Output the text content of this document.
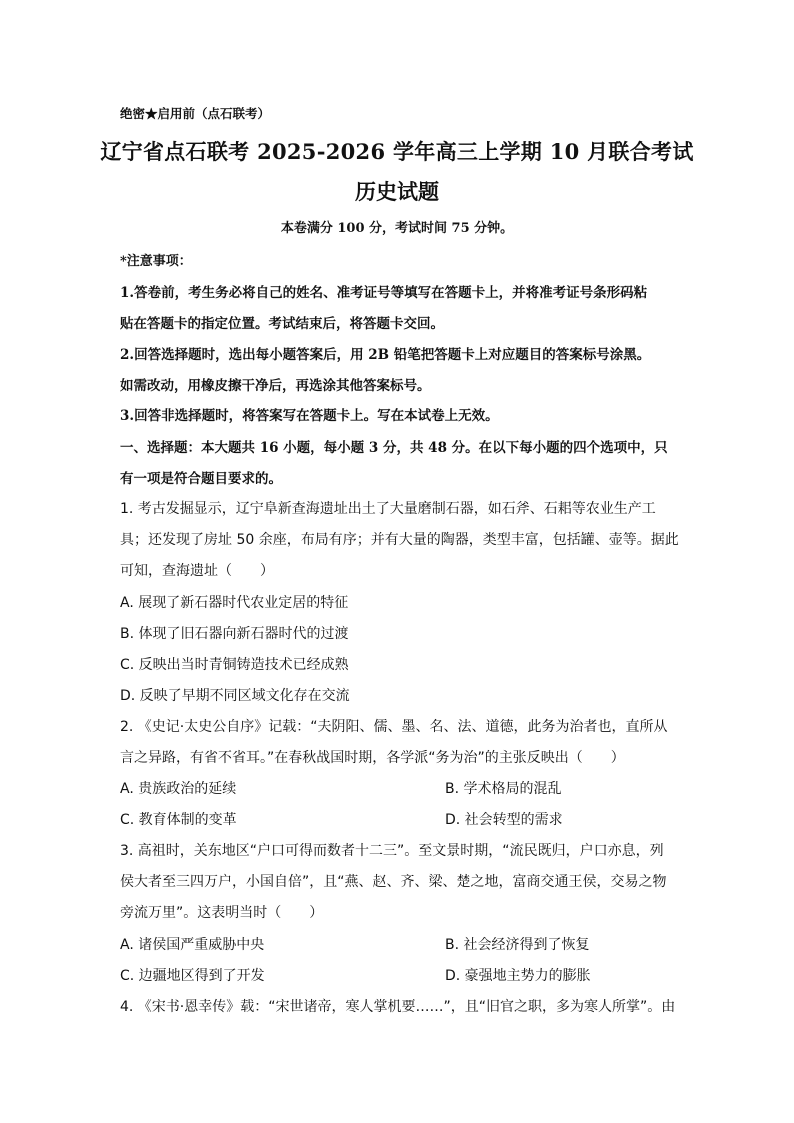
绝密★启用前（点石联考）
辽宁省点石联考 2025-2026 学年高三上学期 10 月联合考试
历史试题
本卷满分 100 分，考试时间 75 分钟。
*注意事项：
1.答卷前，考生务必将自己的姓名、准考证号等填写在答题卡上，并将准考证号条形码粘
贴在答题卡的指定位置。考试结束后，将答题卡交回。
2.回答选择题时，选出每小题答案后，用 2B 铅笔把答题卡上对应题目的答案标号涂黑。
如需改动，用橡皮擦干净后，再选涂其他答案标号。
3.回答非选择题时，将答案写在答题卡上。写在本试卷上无效。
一、选择题：本大题共 16 小题，每小题 3 分，共 48 分。在以下每小题的四个选项中，只
有一项是符合题目要求的。
1. 考古发掘显示，辽宁阜新查海遗址出土了大量磨制石器，如石斧、石耜等农业生产工
具；还发现了房址 50 余座，布局有序；并有大量的陶器，类型丰富，包括罐、壶等。据此
可知，查海遗址（　　）
A. 展现了新石器时代农业定居的特征
B. 体现了旧石器向新石器时代的过渡
C. 反映出当时青铜铸造技术已经成熟
D. 反映了早期不同区域文化存在交流
2. 《史记·太史公自序》记载：“夫阴阳、儒、墨、名、法、道德，此务为治者也，直所从
言之异路，有省不省耳。”在春秋战国时期，各学派“务为治”的主张反映出（　　）
A. 贵族政治的延续	B. 学术格局的混乱
C. 教育体制的变革	D. 社会转型的需求
3. 高祖时，关东地区“户口可得而数者十二三”。至文景时期，“流民既归，户口亦息，列
侯大者至三四万户，小国自倍”，且“燕、赵、齐、梁、楚之地，富商交通王侯，交易之物
旁流万里”。这表明当时（　　）
A. 诸侯国严重威胁中央	B. 社会经济得到了恢复
C. 边疆地区得到了开发	D. 豪强地主势力的膨胀
4. 《宋书·恩幸传》载：“宋世诸帝，寒人掌机要……”，且“旧官之职，多为寒人所掌”。由
